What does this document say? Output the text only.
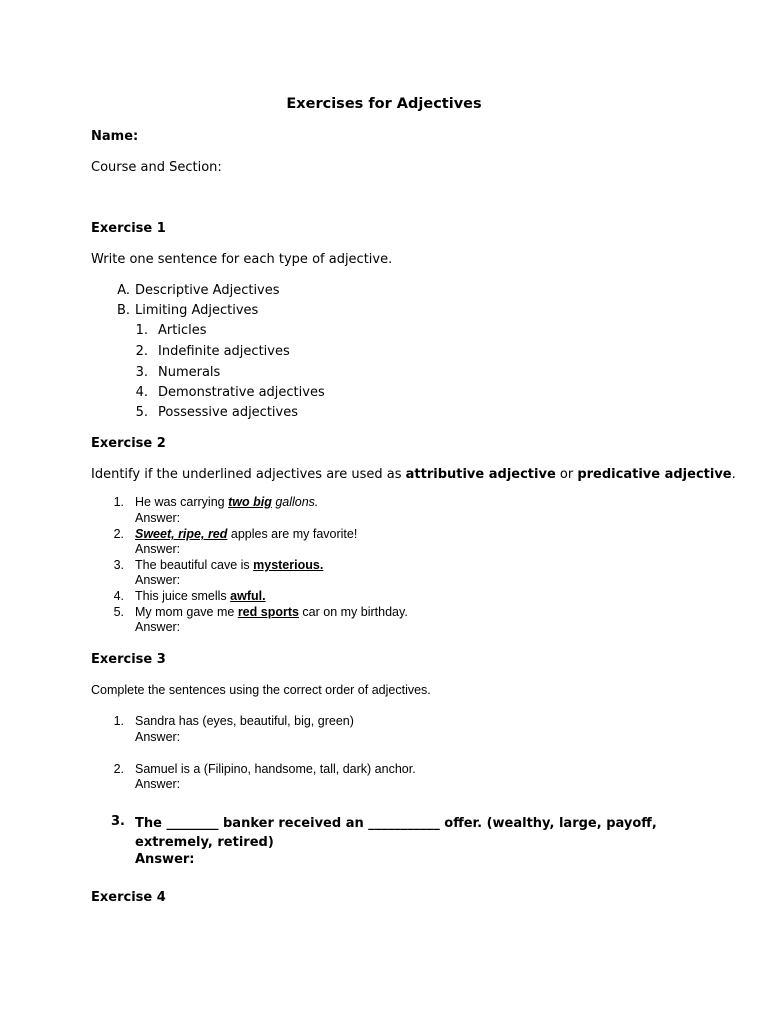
Exercises for Adjectives
Name:
Course and Section:
Exercise 1
Write one sentence for each type of adjective.
A. Descriptive Adjectives
B. Limiting Adjectives
1. Articles
2. Indefinite adjectives
3. Numerals
4. Demonstrative adjectives
5. Possessive adjectives
Exercise 2
Identify if the underlined adjectives are used as attributive adjective or predicative adjective.
1. He was carrying two big gallons.
Answer:
2. Sweet, ripe, red apples are my favorite!
Answer:
3. The beautiful cave is mysterious.
Answer:
4. This juice smells awful.
5. My mom gave me red sports car on my birthday.
Answer:
Exercise 3
Complete the sentences using the correct order of adjectives.
1. Sandra has (eyes, beautiful, big, green)
Answer:
2. Samuel is a (Filipino, handsome, tall, dark) anchor.
Answer:
3. The ________ banker received an ___________ offer. (wealthy, large, payoff, extremely, retired)
Answer:
Exercise 4
